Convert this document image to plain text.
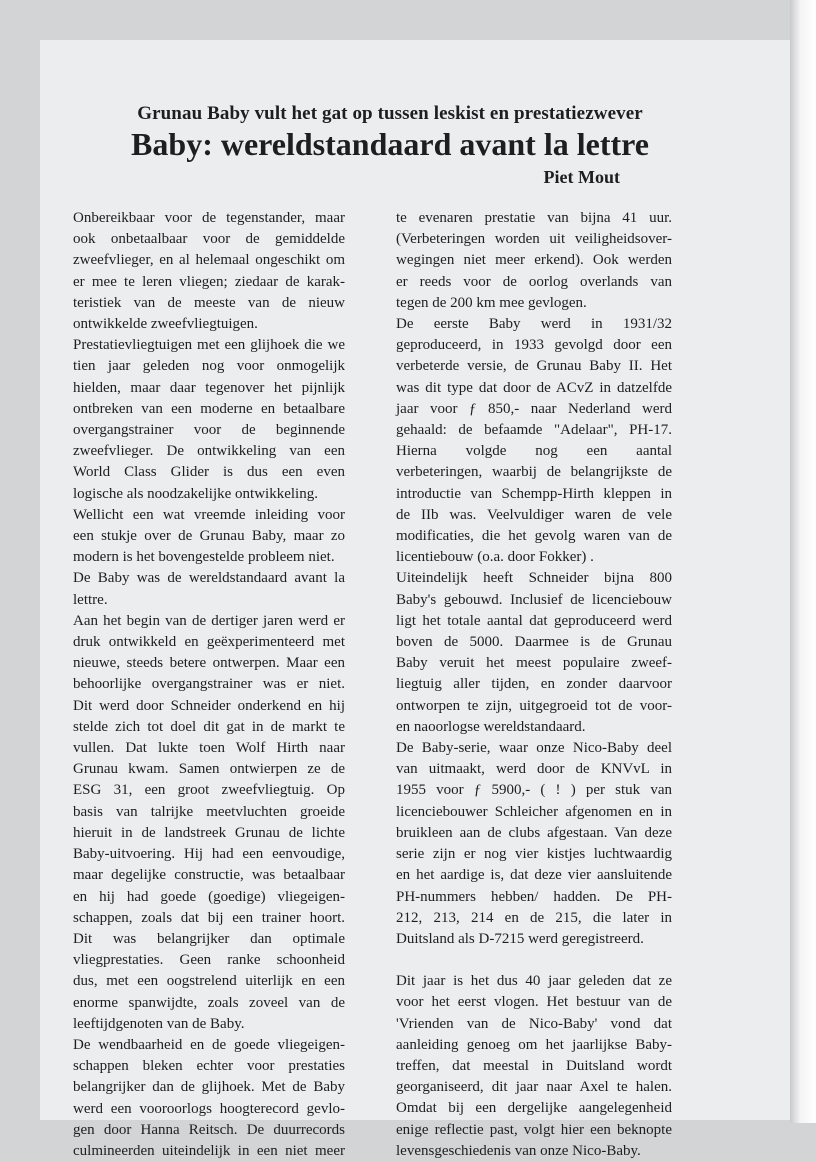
Grunau Baby vult het gat op tussen leskist en prestatiezwever
Baby: wereldstandaard avant la lettre
Piet Mout

Onbereikbaar voor de tegenstander, maar
ook onbetaalbaar voor de gemiddelde
zweefvlieger, en al helemaal ongeschikt om
er mee te leren vliegen; ziedaar de karak-
teristiek van de meeste van de nieuw
ontwikkelde zweefvliegtuigen.

Prestatievliegtuigen met een glijhoek die we
tien jaar geleden nog voor onmogelijk
hielden, maar daar tegenover het pijnlijk
ontbreken van een moderne en betaalbare
overgangstrainer voor de beginnende
zweefvlieger. De ontwikkeling van een
World Class Glider is dus een even
logische als noodzakelijke ontwikkeling.

Wellicht een wat vreemde inleiding voor
een stukje over de Grunau Baby, maar zo
modern is het bovengestelde probleem niet.

De Baby was de wereldstandaard avant la
lettre.

Aan het begin van de dertiger jaren werd er
druk ontwikkeld en geëxperimenteerd met
nieuwe, steeds betere ontwerpen. Maar een
behoorlijke overgangstrainer was er niet.
Dit werd door Schneider onderkend en hij
stelde zich tot doel dit gat in de markt te
vullen. Dat lukte toen Wolf Hirth naar
Grunau kwam. Samen ontwierpen ze de
ESG 31, een groot zweefvliegtuig. Op
basis van talrijke meetvluchten groeide
hieruit in de landstreek Grunau de lichte
Baby-uitvoering. Hij had een eenvoudige,
maar degelijke constructie, was betaalbaar
en hij had goede (goedige) vliegeigen-
schappen, zoals dat bij een trainer hoort.
Dit was belangrijker dan optimale
vliegprestaties. Geen ranke schoonheid
dus, met een oogstrelend uiterlijk en een
enorme spanwijdte, zoals zoveel van de
leeftijdgenoten van de Baby.

De wendbaarheid en de goede vliegeigen-
schappen bleken echter voor prestaties
belangrijker dan de glijhoek. Met de Baby
werd een vooroorlogs hoogterecord gevlo-
gen door Hanna Reitsch. De duurrecords
culmineerden uiteindelijk in een niet meer

te evenaren prestatie van bijna 41 uur.
(Verbeteringen worden uit veiligheidsover-
wegingen niet meer erkend). Ook werden
er reeds voor de oorlog overlands van
tegen de 200 km mee gevlogen.

De eerste Baby werd in 1931/32
geproduceerd, in 1933 gevolgd door een
verbeterde versie, de Grunau Baby II. Het
was dit type dat door de ACvZ in datzelfde
jaar voor ƒ 850,- naar Nederland werd
gehaald: de befaamde "Adelaar", PH-17.
Hierna volgde nog een aantal
verbeteringen, waarbij de belangrijkste de
introductie van Schempp-Hirth kleppen in
de IIb was. Veelvuldiger waren de vele
modificaties, die het gevolg waren van de
licentiebouw (o.a. door Fokker) .

Uiteindelijk heeft Schneider bijna 800
Baby's gebouwd. Inclusief de licenciebouw
ligt het totale aantal dat geproduceerd werd
boven de 5000. Daarmee is de Grunau
Baby veruit het meest populaire zweef-
liegtuig aller tijden, en zonder daarvoor
ontworpen te zijn, uitgegroeid tot de voor-
en naoorlogse wereldstandaard.

De Baby-serie, waar onze Nico-Baby deel
van uitmaakt, werd door de KNVvL in
1955 voor ƒ 5900,- ( ! ) per stuk van
licenciebouwer Schleicher afgenomen en in
bruikleen aan de clubs afgestaan. Van deze
serie zijn er nog vier kistjes luchtwaardig
en het aardige is, dat deze vier aansluitende
PH-nummers hebben/ hadden. De PH-
212, 213, 214 en de 215, die later in
Duitsland als D-7215 werd geregistreerd.

Dit jaar is het dus 40 jaar geleden dat ze
voor het eerst vlogen. Het bestuur van de
'Vrienden van de Nico-Baby' vond dat
aanleiding genoeg om het jaarlijkse Baby-
treffen, dat meestal in Duitsland wordt
georganiseerd, dit jaar naar Axel te halen.
Omdat bij een dergelijke aangelegenheid
enige reflectie past, volgt hier een beknopte
levensgeschiedenis van onze Nico-Baby.
